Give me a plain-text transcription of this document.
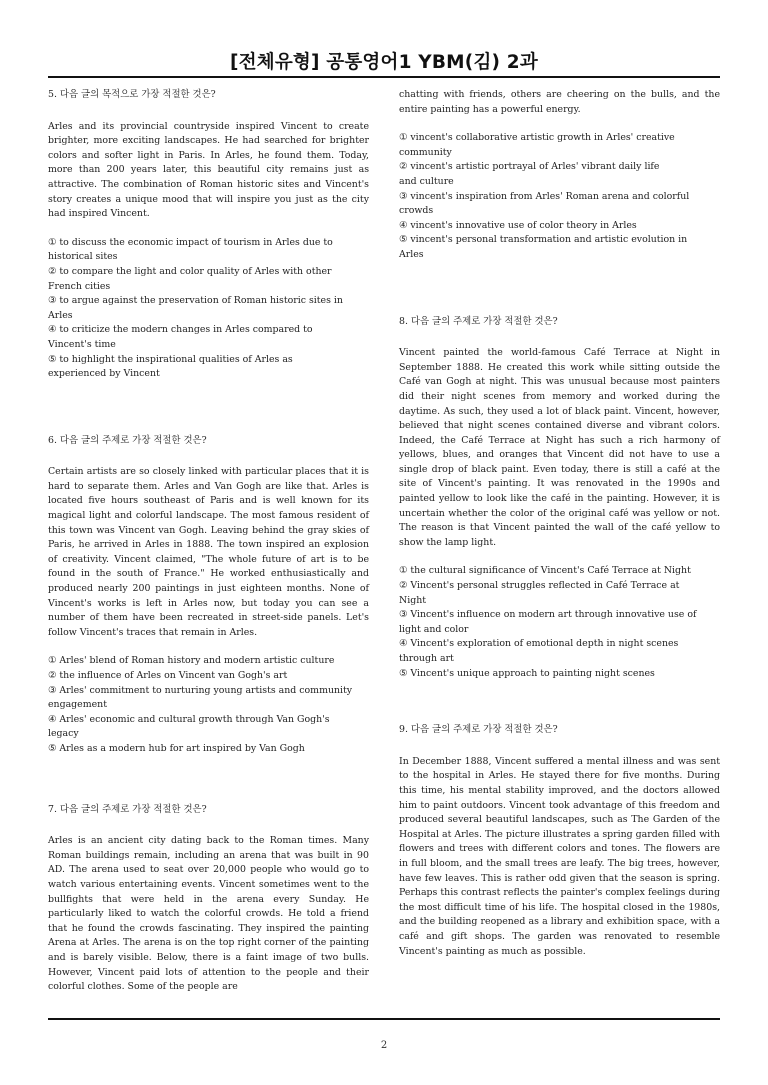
[전체유형] 공통영어1 YBM(김) 2과

5. 다음 글의 목적으로 가장 적절한 것은?

Arles and its provincial countryside inspired Vincent to create brighter, more exciting landscapes. He had searched for brighter colors and softer light in Paris. In Arles, he found them. Today, more than 200 years later, this beautiful city remains just as attractive. The combination of Roman historic sites and Vincent's story creates a unique mood that will inspire you just as the city had inspired Vincent.

① to discuss the economic impact of tourism in Arles due to
historical sites

② to compare the light and color quality of Arles with other
French cities

③ to argue against the preservation of Roman historic sites in
Arles

④ to criticize the modern changes in Arles compared to
Vincent's time

⑤ to highlight the inspirational qualities of Arles as
experienced by Vincent

6. 다음 글의 주제로 가장 적절한 것은?

Certain artists are so closely linked with particular places that it is hard to separate them. Arles and Van Gogh are like that. Arles is located five hours southeast of Paris and is well known for its magical light and colorful landscape. The most famous resident of this town was Vincent van Gogh. Leaving behind the gray skies of Paris, he arrived in Arles in 1888. The town inspired an explosion of creativity. Vincent claimed, "The whole future of art is to be found in the south of France." He worked enthusiastically and produced nearly 200 paintings in just eighteen months. None of Vincent's works is left in Arles now, but today you can see a number of them have been recreated in street-side panels. Let's follow Vincent's traces that remain in Arles.

① Arles' blend of Roman history and modern artistic culture

② the influence of Arles on Vincent van Gogh's art

③ Arles' commitment to nurturing young artists and community
engagement

④ Arles' economic and cultural growth through Van Gogh's
legacy

⑤ Arles as a modern hub for art inspired by Van Gogh

7. 다음 글의 주제로 가장 적절한 것은?

Arles is an ancient city dating back to the Roman times. Many Roman buildings remain, including an arena that was built in 90 AD. The arena used to seat over 20,000 people who would go to watch various entertaining events. Vincent sometimes went to the bullfights that were held in the arena every Sunday. He particularly liked to watch the colorful crowds. He told a friend that he found the crowds fascinating. They inspired the painting Arena at Arles. The arena is on the top right corner of the painting and is barely visible. Below, there is a faint image of two bulls. However, Vincent paid lots of attention to the people and their colorful clothes. Some of the people are

chatting with friends, others are cheering on the bulls, and the entire painting has a powerful energy.

① vincent's collaborative artistic growth in Arles' creative
community

② vincent's artistic portrayal of Arles' vibrant daily life
and culture

③ vincent's inspiration from Arles' Roman arena and colorful
crowds

④ vincent's innovative use of color theory in Arles

⑤ vincent's personal transformation and artistic evolution in
Arles

8. 다음 글의 주제로 가장 적절한 것은?

Vincent painted the world-famous Café Terrace at Night in September 1888. He created this work while sitting outside the Café van Gogh at night. This was unusual because most painters did their night scenes from memory and worked during the daytime. As such, they used a lot of black paint. Vincent, however, believed that night scenes contained diverse and vibrant colors. Indeed, the Café Terrace at Night has such a rich harmony of yellows, blues, and oranges that Vincent did not have to use a single drop of black paint. Even today, there is still a café at the site of Vincent's painting. It was renovated in the 1990s and painted yellow to look like the café in the painting. However, it is uncertain whether the color of the original café was yellow or not. The reason is that Vincent painted the wall of the café yellow to show the lamp light.

① the cultural significance of Vincent's Café Terrace at Night

② Vincent's personal struggles reflected in Café Terrace at
Night

③ Vincent's influence on modern art through innovative use of
light and color

④ Vincent's exploration of emotional depth in night scenes
through art

⑤ Vincent's unique approach to painting night scenes

9. 다음 글의 주제로 가장 적절한 것은?

In December 1888, Vincent suffered a mental illness and was sent to the hospital in Arles. He stayed there for five months. During this time, his mental stability improved, and the doctors allowed him to paint outdoors. Vincent took advantage of this freedom and produced several beautiful landscapes, such as The Garden of the Hospital at Arles. The picture illustrates a spring garden filled with flowers and trees with different colors and tones. The flowers are in full bloom, and the small trees are leafy. The big trees, however, have few leaves. This is rather odd given that the season is spring. Perhaps this contrast reflects the painter's complex feelings during the most difficult time of his life. The hospital closed in the 1980s, and the building reopened as a library and exhibition space, with a café and gift shops. The garden was renovated to resemble Vincent's painting as much as possible.

2
